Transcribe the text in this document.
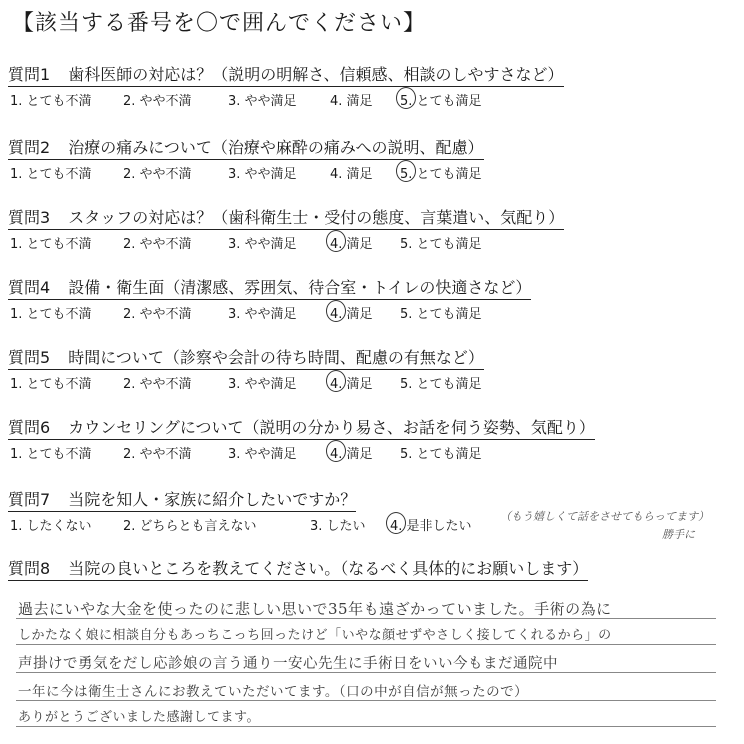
【該当する番号を〇で囲んでください】
質問1 歯科医師の対応は？（説明の明解さ、信頼感、相談のしやすさなど）
1. とても不満 2. やや不満	3. やや満足	4. 満足 5. とても満足
質問2 治療の痛みについて（治療や麻酔の痛みへの説明、配慮）
1. とても不満 2. やや不満	3. やや満足	4. 満足 5. とても満足
質問3 スタッフの対応は？（歯科衛生士・受付の態度、言葉遣い、気配り）
1. とても不満 2. やや不満	3. やや満足	4. 満足 5. とても満足
質問4 設備・衛生面（清潔感、雰囲気、待合室・トイレの快適さなど）
1. とても不満 2. やや不満	3. やや満足	4. 満足 5. とても満足
質問5 時間について（診察や会計の待ち時間、配慮の有無など）
1. とても不満 2. やや不満	3. やや満足	4. 満足 5. とても満足
質問6 カウンセリングについて（説明の分かり易さ、お話を伺う姿勢、気配り）
1. とても不満 2. やや不満	3. やや満足	4. 満足 5. とても満足
質問7 当院を知人・家族に紹介したいですか？
1. したくない 2. どちらとも言えない	3. したい 4. 是非したい
（もう嬉しくて話をさせてもらってます）
勝手に
質問8 当院の良いところを教えてください。（なるべく具体的にお願いします）
過去にいやな大金を使ったのに悲しい思いで35年も遠ざかっていました。手術の為に
しかたなく娘に相談自分もあっちこっち回ったけど「いやな顔せずやさしく接してくれるから」の
声掛けで勇気をだし応診娘の言う通り一安心先生に手術日をいい今もまだ通院中
一年に今は衛生士さんにお教えていただいてます。（口の中が自信が無ったので）
ありがとうございました感謝してます。
